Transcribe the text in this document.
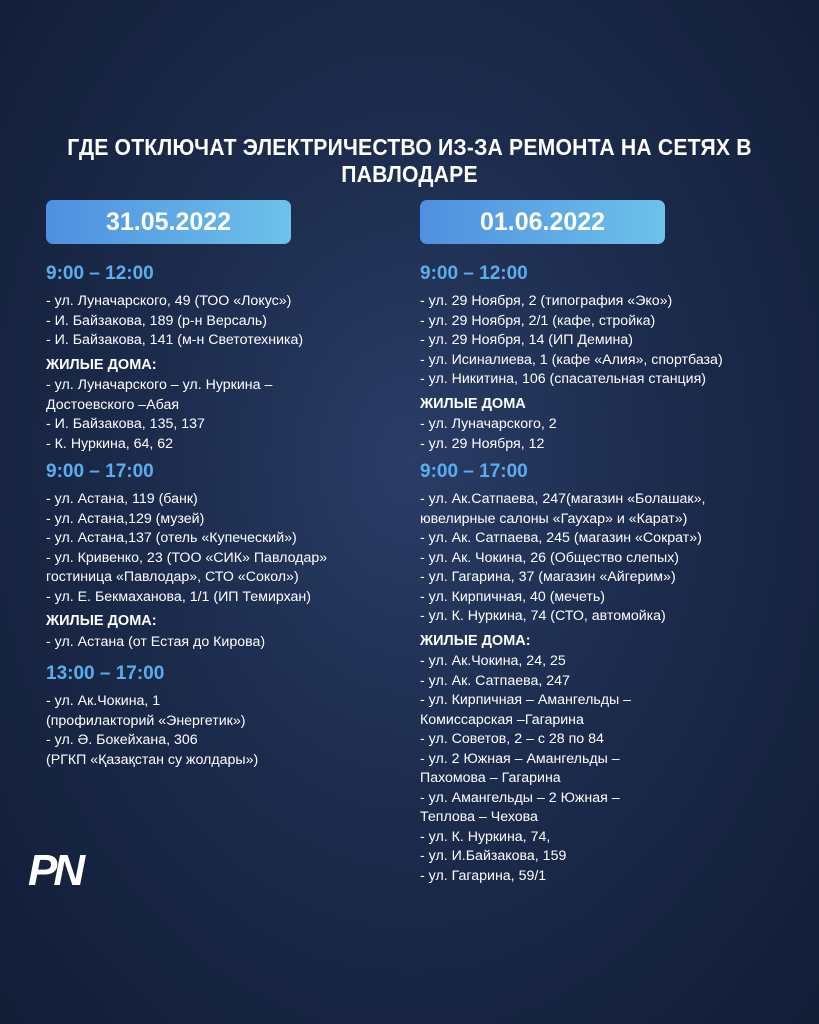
ГДЕ ОТКЛЮЧАТ ЭЛЕКТРИЧЕСТВО ИЗ-ЗА РЕМОНТА НА СЕТЯХ В ПАВЛОДАРЕ
31.05.2022	01.06.2022
9:00 – 12:00
- ул. Луначарского, 49 (ТОО «Локус»)
- И. Байзакова, 189 (р-н Версаль)
- И. Байзакова, 141 (м-н Светотехника)
ЖИЛЫЕ ДОМА:
- ул. Луначарского – ул. Нуркина –
Достоевского –Абая
- И. Байзакова, 135, 137
- К. Нуркина, 64, 62
9:00 – 17:00
- ул. Астана, 119 (банк)
- ул. Астана,129 (музей)
- ул. Астана,137 (отель «Купеческий»)
- ул. Кривенко, 23 (ТОО «СИК» Павлодар»
гостиница «Павлодар», СТО «Сокол»)
- ул. Е. Бекмаханова, 1/1 (ИП Темирхан)
ЖИЛЫЕ ДОМА:
- ул. Астана (от Естая до Кирова)
13:00 – 17:00
- ул. Ак.Чокина, 1
(профилакторий «Энергетик»)
- ул. Ә. Бокейхана, 306
(РГКП «Қазақстан су жолдары»)
9:00 – 12:00
- ул. 29 Ноября, 2 (типография «Эко»)
- ул. 29 Ноября, 2/1 (кафе, стройка)
- ул. 29 Ноября, 14 (ИП Демина)
- ул. Исиналиева, 1 (кафе «Алия», спортбаза)
- ул. Никитина, 106 (спасательная станция)
ЖИЛЫЕ ДОМА
- ул. Луначарского, 2
- ул. 29 Ноября, 12
9:00 – 17:00
- ул. Ак.Сатпаева, 247(магазин «Болашак»,
ювелирные салоны «Гаухар» и «Карат»)
- ул. Ак. Сатпаева, 245 (магазин «Сократ»)
- ул. Ак. Чокина, 26 (Общество слепых)
- ул. Гагарина, 37 (магазин «Айгерим»)
- ул. Кирпичная, 40 (мечеть)
- ул. К. Нуркина, 74 (СТО, автомойка)
ЖИЛЫЕ ДОМА:
- ул. Ак.Чокина, 24, 25
- ул. Ак. Сатпаева, 247
- ул. Кирпичная – Амангельды –
Комиссарская –Гагарина
- ул. Советов, 2 – с 28 по 84
- ул. 2 Южная – Амангельды –
Пахомова – Гагарина
- ул. Амангельды – 2 Южная –
Теплова – Чехова
- ул. К. Нуркина, 74,
- ул. И.Байзакова, 159
- ул. Гагарина, 59/1
PN
